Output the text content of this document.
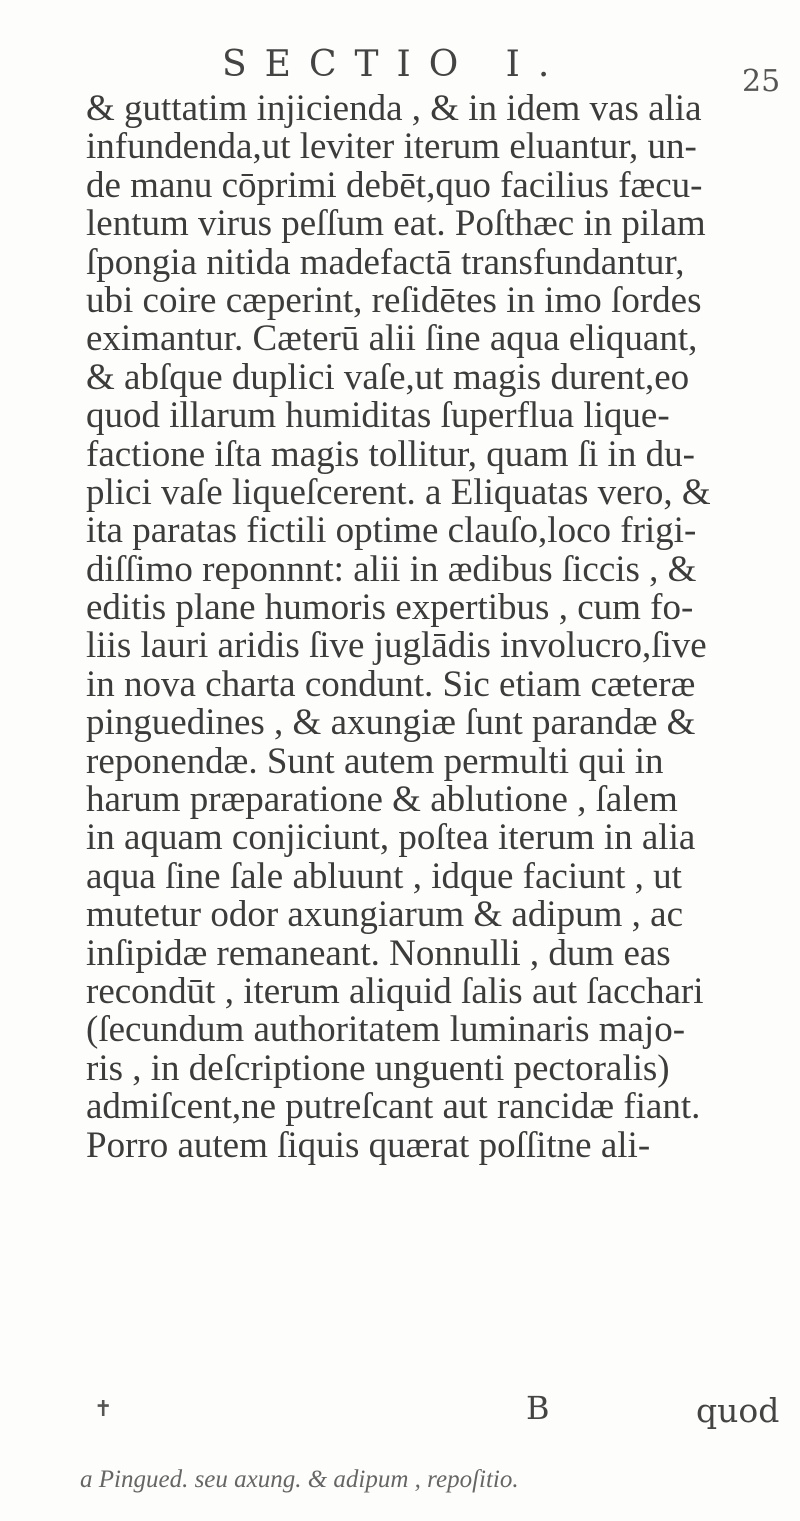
SECTIO I.	25
& guttatim injicienda , & in idem vas alia
infundenda,ut leviter iterum eluantur, un-
de manu cōprimi debēt,quo facilius fæcu-
lentum virus peſſum eat. Poſthæc in pilam
ſpongia nitida madefactā transfundantur,
ubi coire cæperint, reſidētes in imo ſordes
eximantur. Cæterū alii ſine aqua eliquant,
& abſque duplici vaſe,ut magis durent,eo
quod illarum humiditas ſuperflua lique-
factione iſta magis tollitur, quam ſi in du-
plici vaſe liqueſcerent. a Eliquatas vero, &
ita paratas fictili optime clauſo,loco frigi-
diſſimo reponnnt: alii in ædibus ſiccis , &
editis plane humoris expertibus , cum fo-
liis lauri aridis ſive juglādis involucro,ſive
in nova charta condunt. Sic etiam cæteræ
pinguedines , & axungiæ ſunt parandæ &
reponendæ. Sunt autem permulti qui in
harum præparatione & ablutione , ſalem
in aquam conjiciunt, poſtea iterum in alia
aqua ſine ſale abluunt , idque faciunt , ut
mutetur odor axungiarum & adipum , ac
inſipidæ remaneant. Nonnulli , dum eas
recondūt , iterum aliquid ſalis aut ſacchari
(ſecundum authoritatem luminaris majo-
ris , in deſcriptione unguenti pectoralis)
admiſcent,ne putreſcant aut rancidæ fiant.
Porro autem ſiquis quærat poſſitne ali-
✝	B	quod
a Pingued. seu axung. & adipum , repoſitio.
